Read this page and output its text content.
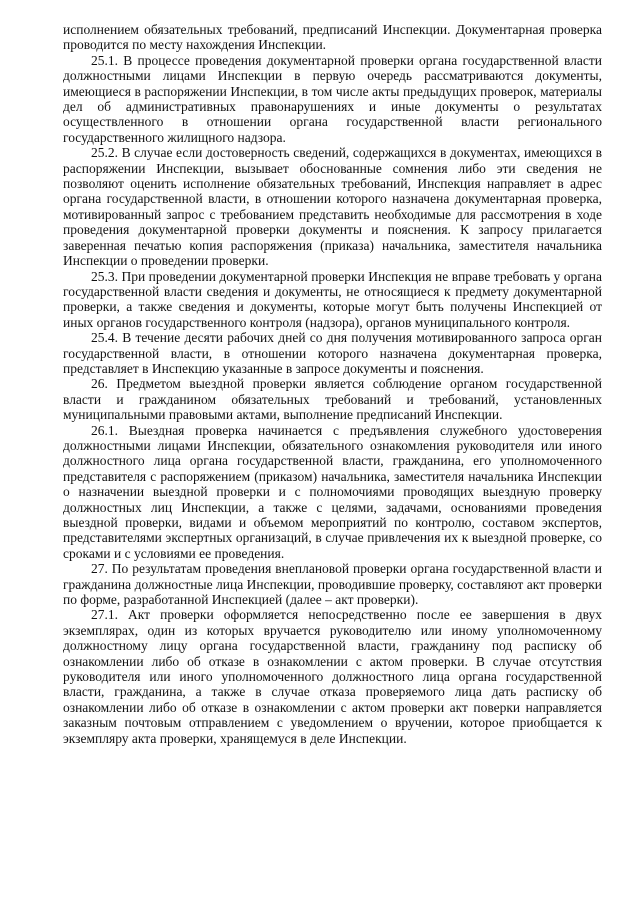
исполнением обязательных требований, предписаний Инспекции. Документарная проверка проводится по месту нахождения Инспекции.

25.1. В процессе проведения документарной проверки органа государственной власти должностными лицами Инспекции в первую очередь рассматриваются документы, имеющиеся в распоряжении Инспекции, в том числе акты предыдущих проверок, материалы дел об административных правонарушениях и иные документы о результатах осуществленного в отношении органа государственной власти регионального государственного жилищного надзора.

25.2. В случае если достоверность сведений, содержащихся в документах, имеющихся в распоряжении Инспекции, вызывает обоснованные сомнения либо эти сведения не позволяют оценить исполнение обязательных требований, Инспекция направляет в адрес органа государственной власти, в отношении которого назначена документарная проверка, мотивированный запрос с требованием представить необходимые для рассмотрения в ходе проведения документарной проверки документы и пояснения. К запросу прилагается заверенная печатью копия распоряжения (приказа) начальника, заместителя начальника Инспекции о проведении проверки.

25.3. При проведении документарной проверки Инспекция не вправе требовать у органа государственной власти сведения и документы, не относящиеся к предмету документарной проверки, а также сведения и документы, которые могут быть получены Инспекцией от иных органов государственного контроля (надзора), органов муниципального контроля.

25.4. В течение десяти рабочих дней со дня получения мотивированного запроса орган государственной власти, в отношении которого назначена документарная проверка, представляет в Инспекцию указанные в запросе документы и пояснения.

26. Предметом выездной проверки является соблюдение органом государственной власти и гражданином обязательных требований и требований, установленных муниципальными правовыми актами, выполнение предписаний Инспекции.

26.1. Выездная проверка начинается с предъявления служебного удостоверения должностными лицами Инспекции, обязательного ознакомления руководителя или иного должностного лица органа государственной власти, гражданина, его уполномоченного представителя с распоряжением (приказом) начальника, заместителя начальника Инспекции о назначении выездной проверки и с полномочиями проводящих выездную проверку должностных лиц Инспекции, а также с целями, задачами, основаниями проведения выездной проверки, видами и объемом мероприятий по контролю, составом экспертов, представителями экспертных организаций, в случае привлечения их к выездной проверке, со сроками и с условиями ее проведения.

27. По результатам проведения внеплановой проверки органа государственной власти и гражданина должностные лица Инспекции, проводившие проверку, составляют акт проверки по форме, разработанной Инспекцией (далее – акт проверки).

27.1. Акт проверки оформляется непосредственно после ее завершения в двух экземплярах, один из которых вручается руководителю или иному уполномоченному должностному лицу органа государственной власти, гражданину под расписку об ознакомлении либо об отказе в ознакомлении с актом проверки. В случае отсутствия руководителя или иного уполномоченного должностного лица органа государственной власти, гражданина, а также в случае отказа проверяемого лица дать расписку об ознакомлении либо об отказе в ознакомлении с актом проверки акт поверки направляется заказным почтовым отправлением с уведомлением о вручении, которое приобщается к экземпляру акта проверки, хранящемуся в деле Инспекции.
